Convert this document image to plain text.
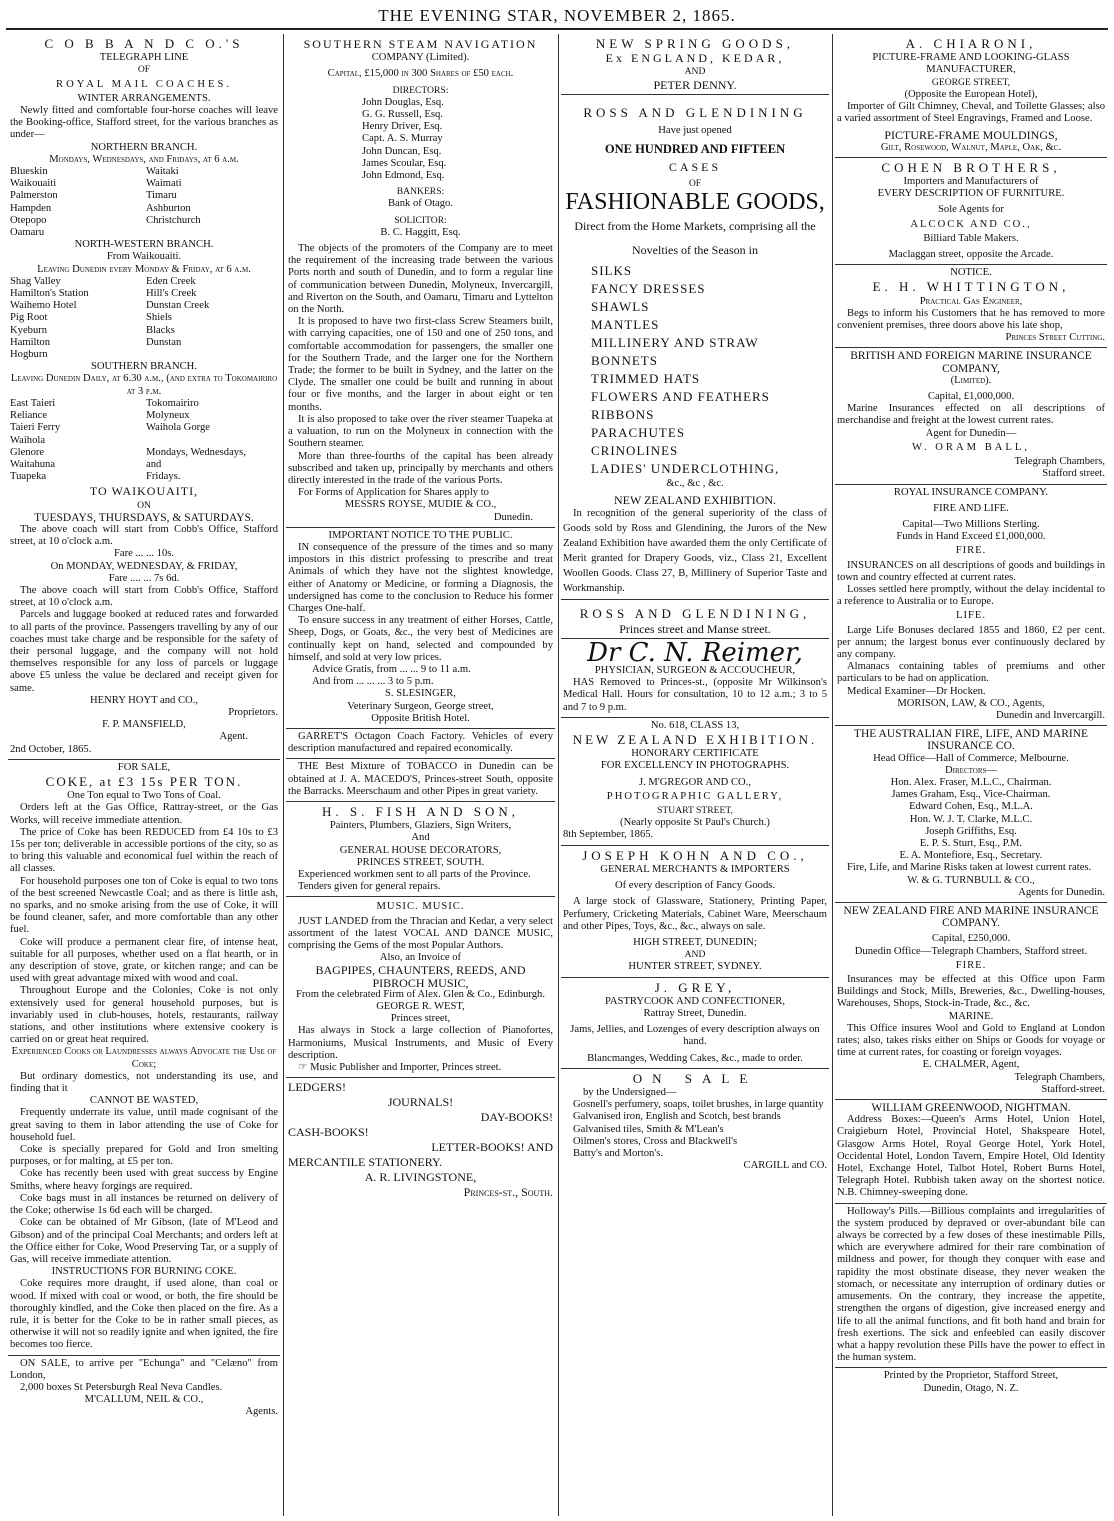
THE EVENING STAR, NOVEMBER 2, 1865.
C O B B A N D C O.'S
TELEGRAPH LINE
OF
ROYAL MAIL COACHES.
WINTER ARRANGEMENTS.

Newly fitted and comfortable four-horse coaches will leave the Booking-office, Stafford street, for the various branches as under—

NORTHERN BRANCH.
Mondays, Wednesdays, and Fridays, at 6 a.m.
Blueskin	Waitaki
Waikouaiti	Waimati
Palmerston	Timaru
Hampden	Ashburton
Otepopo	Christchurch
Oamaru
NORTH-WESTERN BRANCH.
From Waikouaiti.
Leaving Dunedin every Monday & Friday, at 6 a.m.
Shag Valley	Eden Creek
Hamilton's Station	Hill's Creek
Waihemo Hotel	Dunstan Creek
Pig Root	Shiels
Kyeburn	Blacks
Hamilton	Dunstan
Hogburn
SOUTHERN BRANCH.
Leaving Dunedin Daily, at 6.30 a.m., (and extra to Tokomairiro at 3 p.m.
East Taieri	Tokomairiro
Reliance	Molyneux
Taieri Ferry	Waihola Gorge
Waihola
Glenore	Mondays, Wednesdays,
Waitahuna	and
Tuapeka	Fridays.
TO WAIKOUAITI,
ON
TUESDAYS, THURSDAYS, & SATURDAYS.

The above coach will start from Cobb's Office, Stafford street, at 10 o'clock a.m.

Fare ... ... 10s.
On MONDAY, WEDNESDAY, & FRIDAY,
Fare .... ... 7s 6d.

The above coach will start from Cobb's Office, Stafford street, at 10 o'clock a.m.

Parcels and luggage booked at reduced rates and forwarded to all parts of the province. Passengers travelling by any of our coaches must take charge and be responsible for the safety of their personal luggage, and the company will not hold themselves responsible for any loss of parcels or luggage above £5 unless the value be declared and receipt given for same.

HENRY HOYT and CO.,
Proprietors.
F. P. MANSFIELD,
Agent.
2nd October, 1865.
FOR SALE,
COKE, at £3 15s PER TON.
One Ton equal to Two Tons of Coal.

Orders left at the Gas Office, Rattray-street, or the Gas Works, will receive immediate attention.

The price of Coke has been REDUCED from £4 10s to £3 15s per ton; deliverable in accessible portions of the city, so as to bring this valuable and economical fuel within the reach of all classes.

For household purposes one ton of Coke is equal to two tons of the best screened Newcastle Coal; and as there is little ash, no sparks, and no smoke arising from the use of Coke, it will be found cleaner, safer, and more comfortable than any other fuel.

Coke will produce a permanent clear fire, of intense heat, suitable for all purposes, whether used on a flat hearth, or in any description of stove, grate, or kitchen range; and can be used with great advantage mixed with wood and coal.

Throughout Europe and the Colonies, Coke is not only extensively used for general household purposes, but is invariably used in club-houses, hotels, restaurants, railway stations, and other institutions where extensive cookery is carried on or great heat required.

Experienced Cooks or Laundresses always Advocate the Use of Coke;

But ordinary domestics, not understanding its use, and finding that it

CANNOT BE WASTED,

Frequently underrate its value, until made cognisant of the great saving to them in labor attending the use of Coke for household fuel.

Coke is specially prepared for Gold and Iron smelting purposes, or for malting, at £5 per ton.

Coke has recently been used with great success by Engine Smiths, where heavy forgings are required.

Coke bags must in all instances be returned on delivery of the Coke; otherwise 1s 6d each will be charged.

Coke can be obtained of Mr Gibson, (late of M'Leod and Gibson) and of the principal Coal Merchants; and orders left at the Office either for Coke, Wood Preserving Tar, or a supply of Gas, will receive immediate attention.

INSTRUCTIONS FOR BURNING COKE.

Coke requires more draught, if used alone, than coal or wood. If mixed with coal or wood, or both, the fire should be thoroughly kindled, and the Coke then placed on the fire. As a rule, it is better for the Coke to be in rather small pieces, as otherwise it will not so readily ignite and when ignited, the fire becomes too fierce.

ON SALE, to arrive per "Echunga" and "Celæno" from London,

2,000 boxes St Petersburgh Real Neva Candles.

M'CALLUM, NEIL & CO.,
Agents.
SOUTHERN STEAM NAVIGATION
COMPANY (Limited).
Capital, £15,000 in 300 Shares of £50 each.
DIRECTORS:
John Douglas, Esq.
G. G. Russell, Esq.
Henry Driver, Esq.
Capt. A. S. Murray
John Duncan, Esq.
James Scoular, Esq.
John Edmond, Esq.
BANKERS:
Bank of Otago.
SOLICITOR:
B. C. Haggitt, Esq.

The objects of the promoters of the Company are to meet the requirement of the increasing trade between the various Ports north and south of Dunedin, and to form a regular line of communication between Dunedin, Molyneux, Invercargill, and Riverton on the South, and Oamaru, Timaru and Lyttelton on the North.

It is proposed to have two first-class Screw Steamers built, with carrying capacities, one of 150 and one of 250 tons, and comfortable accommodation for passengers, the smaller one for the Southern Trade, and the larger one for the Northern Trade; the former to be built in Sydney, and the latter on the Clyde. The smaller one could be built and running in about four or five months, and the larger in about eight or ten months.

It is also proposed to take over the river steamer Tuapeka at a valuation, to run on the Molyneux in connection with the Southern steamer.

More than three-fourths of the capital has been already subscribed and taken up, principally by merchants and others directly interested in the trade of the various Ports.

For Forms of Application for Shares apply to

MESSRS ROYSE, MUDIE & CO.,
Dunedin.
IMPORTANT NOTICE TO THE PUBLIC.

IN consequence of the pressure of the times and so many impostors in this district professing to prescribe and treat Animals of which they have not the slightest knowledge, either of Anatomy or Medicine, or forming a Diagnosis, the undersigned has come to the conclusion to Reduce his former Charges One-half.

To ensure success in any treatment of either Horses, Cattle, Sheep, Dogs, or Goats, &c., the very best of Medicines are continually kept on hand, selected and compounded by himself, and sold at very low prices.

Advice Gratis, from ... ... 9 to 11 a.m.
And from ... ... ... 3 to 5 p.m.
S. SLESINGER,
Veterinary Surgeon, George street,
Opposite British Hotel.

GARRET'S Octagon Coach Factory. Vehicles of every description manufactured and repaired economically.

THE Best Mixture of TOBACCO in Dunedin can be obtained at J. A. MACEDO'S, Princes-street South, opposite the Barracks. Meerschaum and other Pipes in great variety.

H. S. FISH AND SON,
Painters, Plumbers, Glaziers, Sign Writers,
And
GENERAL HOUSE DECORATORS,
PRINCES STREET, SOUTH.

Experienced workmen sent to all parts of the Province.

Tenders given for general repairs.

MUSIC. MUSIC.

JUST LANDED from the Thracian and Kedar, a very select assortment of the latest VOCAL AND DANCE MUSIC, comprising the Gems of the most Popular Authors.

Also, an Invoice of
BAGPIPES, CHAUNTERS, REEDS, AND PIBROCH MUSIC,
From the celebrated Firm of Alex. Glen & Co., Edinburgh.
GEORGE R. WEST,
Princes street,

Has always in Stock a large collection of Pianofortes, Harmoniums, Musical Instruments, and Music of Every description.

☞ Music Publisher and Importer, Princes street.

LEDGERS!
JOURNALS!
DAY-BOOKS!
CASH-BOOKS!
LETTER-BOOKS! AND
MERCANTILE STATIONERY.
A. R. LIVINGSTONE,
Princes-st., South.
NEW SPRING GOODS,
Ex ENGLAND, KEDAR,
AND
PETER DENNY.
ROSS AND GLENDINING
Have just opened
ONE HUNDRED AND FIFTEEN
CASES
OF
FASHIONABLE GOODS,

Direct from the Home Markets, comprising all the Novelties of the Season in

SILKS
FANCY DRESSES
SHAWLS
MANTLES
MILLINERY AND STRAW BONNETS
TRIMMED HATS
FLOWERS AND FEATHERS
RIBBONS
PARACHUTES
CRINOLINES
LADIES' UNDERCLOTHING,
&c., &c , &c.
NEW ZEALAND EXHIBITION.

In recognition of the general superiority of the class of Goods sold by Ross and Glendining, the Jurors of the New Zealand Exhibition have awarded them the only Certificate of Merit granted for Drapery Goods, viz., Class 21, Excellent Woollen Goods. Class 27, B, Millinery of Superior Taste and Workmanship.

ROSS AND GLENDINING,
Princes street and Manse street.
Dr C. N. Reimer,
PHYSICIAN, SURGEON & ACCOUCHEUR,

HAS Removed to Princes-st., (opposite Mr Wilkinson's Medical Hall. Hours for consultation, 10 to 12 a.m.; 3 to 5 and 7 to 9 p.m.

No. 618, CLASS 13,
NEW ZEALAND EXHIBITION.
HONORARY CERTIFICATE
FOR EXCELLENCY IN PHOTOGRAPHS.
J. M'GREGOR AND CO.,
PHOTOGRAPHIC GALLERY,
STUART STREET,
(Nearly opposite St Paul's Church.)
8th September, 1865.
JOSEPH KOHN AND CO.,
GENERAL MERCHANTS & IMPORTERS
Of every description of Fancy Goods.

A large stock of Glassware, Stationery, Printing Paper, Perfumery, Cricketing Materials, Cabinet Ware, Meerschaum and other Pipes, Toys, &c., &c., always on sale.

HIGH STREET, DUNEDIN;
AND
HUNTER STREET, SYDNEY.
J. GREY,
PASTRYCOOK AND CONFECTIONER,
Rattray Street, Dunedin.
Jams, Jellies, and Lozenges of every description always on hand.
Blancmanges, Wedding Cakes, &c., made to order.
ON SALE
by the Undersigned—
Gosnell's perfumery, soaps, toilet brushes, in large quantity
Galvanised iron, English and Scotch, best brands
Galvanised tiles, Smith & M'Lean's
Oilmen's stores, Cross and Blackwell's
Batty's and Morton's.
CARGILL and CO.
A. CHIARONI,
PICTURE-FRAME AND LOOKING-GLASS MANUFACTURER,
GEORGE STREET,
(Opposite the European Hotel),

Importer of Gilt Chimney, Cheval, and Toilette Glasses; also a varied assortment of Steel Engravings, Framed and Loose.

PICTURE-FRAME MOULDINGS,
Gilt, Rosewood, Walnut, Maple, Oak, &c.
COHEN BROTHERS,
Importers and Manufacturers of
EVERY DESCRIPTION OF FURNITURE.
Sole Agents for
ALCOCK AND CO.,
Billiard Table Makers.
Maclaggan street, opposite the Arcade.
NOTICE.
E. H. WHITTINGTON,
Practical Gas Engineer,

Begs to inform his Customers that he has removed to more convenient premises, three doors above his late shop,

Princes Street Cutting.
BRITISH AND FOREIGN MARINE INSURANCE COMPANY,
(Limited).
Capital, £1,000,000.

Marine Insurances effected on all descriptions of merchandise and freight at the lowest current rates.

Agent for Dunedin—
W. ORAM BALL,
Telegraph Chambers,
Stafford street.
ROYAL INSURANCE COMPANY.
FIRE AND LIFE.
Capital—Two Millions Sterling.
Funds in Hand Exceed £1,000,000.
FIRE.

INSURANCES on all descriptions of goods and buildings in town and country effected at current rates.

Losses settled here promptly, without the delay incidental to a reference to Australia or to Europe.

LIFE.

Large Life Bonuses declared 1855 and 1860, £2 per cent. per annum; the largest bonus ever continuously declared by any company.

Almanacs containing tables of premiums and other particulars to be had on application.

Medical Examiner—Dr Hocken.
MORISON, LAW, & CO., Agents,
Dunedin and Invercargill.
THE AUSTRALIAN FIRE, LIFE, AND MARINE INSURANCE CO.
Head Office—Hall of Commerce, Melbourne.
Directors—
Hon. Alex. Fraser, M.L.C., Chairman.
James Graham, Esq., Vice-Chairman.
Edward Cohen, Esq., M.L.A.
Hon. W. J. T. Clarke, M.L.C.
Joseph Griffiths, Esq.
E. P. S. Sturt, Esq., P.M.
E. A. Montefiore, Esq., Secretary.

Fire, Life, and Marine Risks taken at lowest current rates.

W. & G. TURNBULL & CO.,
Agents for Dunedin.
NEW ZEALAND FIRE AND MARINE INSURANCE COMPANY.
Capital, £250,000.
Dunedin Office—Telegraph Chambers, Stafford street.
FIRE.

Insurances may be effected at this Office upon Farm Buildings and Stock, Mills, Breweries, &c., Dwelling-houses, Warehouses, Shops, Stock-in-Trade, &c., &c.

MARINE.

This Office insures Wool and Gold to England at London rates; also, takes risks either on Ships or Goods for voyage or time at current rates, for coasting or foreign voyages.

E. CHALMER, Agent,
Telegraph Chambers,
Stafford-street.
WILLIAM GREENWOOD, NIGHTMAN.

Address Boxes:—Queen's Arms Hotel, Union Hotel, Craigieburn Hotel, Provincial Hotel, Shakspeare Hotel, Glasgow Arms Hotel, Royal George Hotel, York Hotel, Occidental Hotel, London Tavern, Empire Hotel, Old Identity Hotel, Exchange Hotel, Talbot Hotel, Robert Burns Hotel, Telegraph Hotel. Rubbish taken away on the shortest notice. N.B. Chimney-sweeping done.

Holloway's Pills.—Billious complaints and irregularities of the system produced by depraved or over-abundant bile can always be corrected by a few doses of these inestimable Pills, which are everywhere admired for their rare combination of mildness and power, for though they conquer with ease and rapidity the most obstinate disease, they never weaken the stomach, or necessitate any interruption of ordinary duties or amusements. On the contrary, they increase the appetite, strengthen the organs of digestion, give increased energy and life to all the animal functions, and fit both hand and brain for fresh exertions. The sick and enfeebled can easily discover what a happy revolution these Pills have the power to effect in the human system.

Printed by the Proprietor, Stafford Street,
Dunedin, Otago, N. Z.
